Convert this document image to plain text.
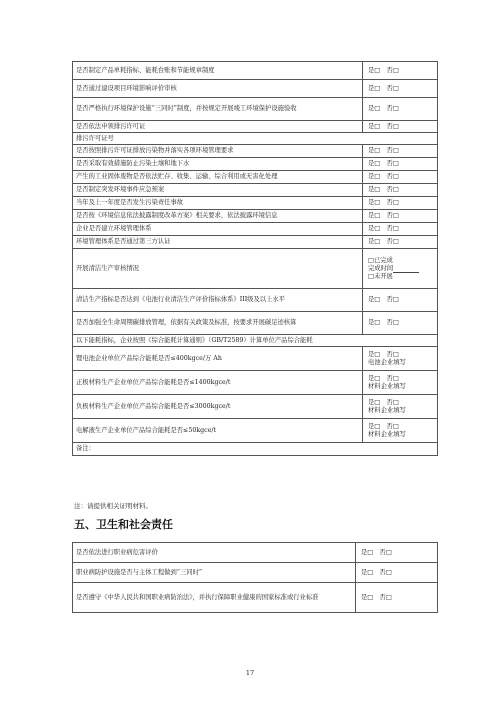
是否制定产品单耗指标、能耗台账和节能规章制度	是□　否□
是否通过建设项目环境影响评价审核	是□　否□
是否严格执行环境保护设施“三同时”制度，并按规定开展竣工环境保护设施验收	是□　否□
是否依法申领排污许可证	是□　否□
排污许可证号	
是否按照排污许可证排放污染物并落实各项环境管理要求	是□　否□
是否采取有效措施防止污染土壤和地下水	是□　否□
产生的工业固体废物是否依法贮存、收集、运输、综合利用或无害化处理	是□　否□
是否制定突发环境事件应急预案	是□　否□
当年及上一年度是否发生污染责任事故	是□　否□
是否按《环境信息依法披露制度改革方案》相关要求，依法披露环境信息	是□　否□
企业是否建立环境管理体系	是□　否□
环境管理体系是否通过第三方认证	是□　否□
开展清洁生产审核情况	□已完成
完成时间
□未开展

清洁生产指标是否达到《电池行业清洁生产评价指标体系》III级及以上水平	是□　否□
是否加强全生命周期碳排放管理，依据有关政策及标准，按要求开展碳足迹核算	是□　否□
以下能耗指标，企业按照《综合能耗计算通则》（GB/T2589）计算单位产品综合能耗	
锂电池企业单位产品综合能耗是否≤400kgce/万 Ah	是□　否□
电池企业填写

正极材料生产企业单位产品综合能耗是否≤1400kgce/t	是□　否□
材料企业填写

负极材料生产企业单位产品综合能耗是否≤3000kgce/t	是□　否□
材料企业填写

电解液生产企业单位产品综合能耗是否≤50kgce/t	是□　否□
材料企业填写

备注：	
注：请提供相关证明材料。
五、卫生和社会责任
是否依法进行职业病危害评价	是□　否□
职业病防护设施是否与主体工程做到“三同时”	是□　否□
是否遵守《中华人民共和国职业病防治法》，并执行保障职业健康的国家标准或行业标准	是□　否□
17
